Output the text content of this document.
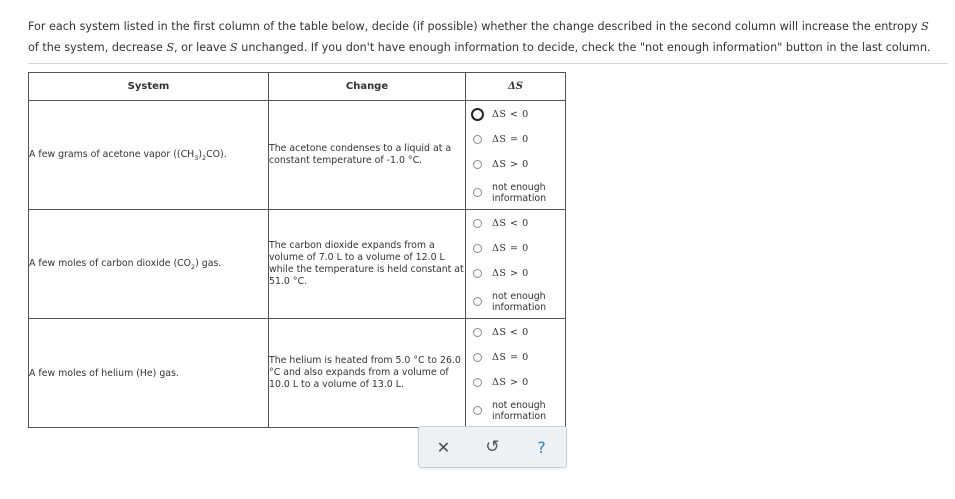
For each system listed in the first column of the table below, decide (if possible) whether the change described in the second column will increase the entropy S
of the system, decrease S, or leave S unchanged. If you don't have enough information to decide, check the "not enough information" button in the last column.
System	Change	ΔS
A few grams of acetone vapor $((CH_3)_2CO)$.	The acetone condenses to a liquid at a constant temperature of -1.0 °C.	ΔS < 0
ΔS = 0
ΔS > 0
not enough
information

A few moles of carbon dioxide $(CO_2)$ gas.	The carbon dioxide expands from a volume of 7.0 L to a volume of 12.0 L while the temperature is held constant at 51.0 °C.	ΔS < 0
ΔS = 0
ΔS > 0
not enough
information

A few moles of helium (He) gas.	The helium is heated from 5.0 °C to 26.0 °C and also expands from a volume of 10.0 L to a volume of 13.0 L.	ΔS < 0
ΔS = 0
ΔS > 0
not enough
information
✕ ↺ ?
